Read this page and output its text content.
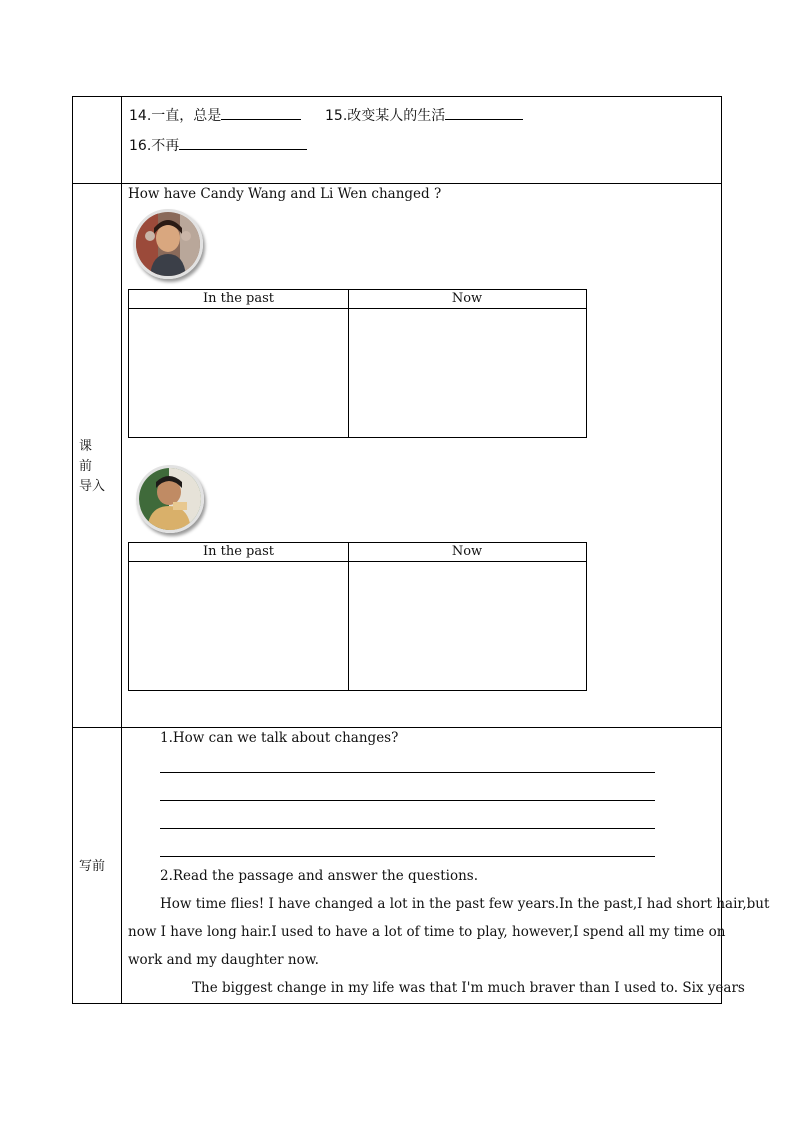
14.一直，总是	15.改变某人的生活
16.不再
课 前 导入
How have Candy Wang and Li Wen changed ?
In the past	Now
In the past	Now
写前
1.How can we talk about changes?
2.Read the passage and answer the questions.
How time flies! I have changed a lot in the past few years.In the past,I had short hair,but
now I have long hair.I used to have a lot of time to play, however,I spend all my time on
work and my daughter now.
The biggest change in my life was that I'm much braver than I used to. Six years
